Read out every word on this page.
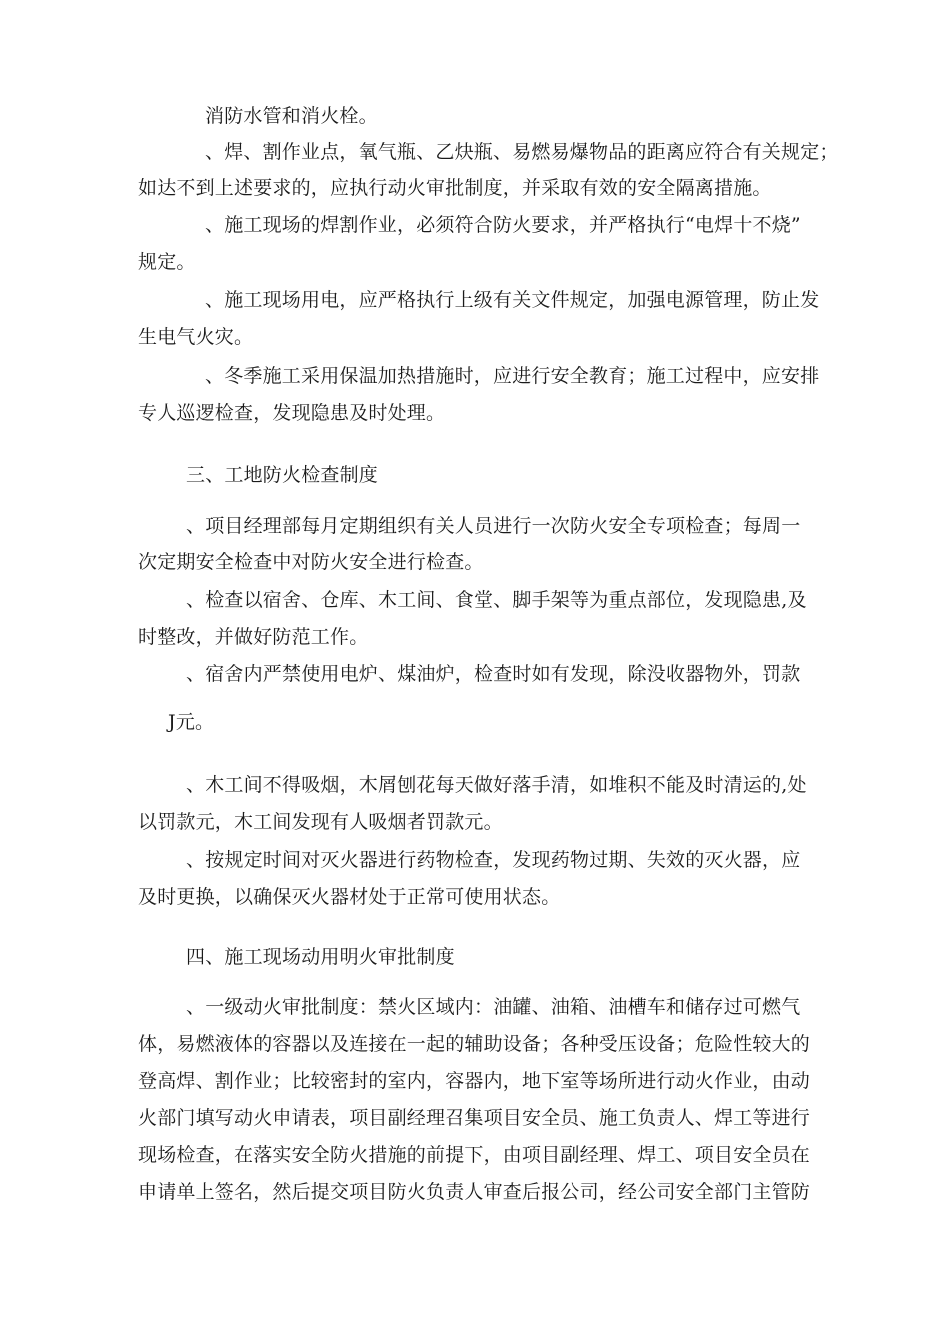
消防水管和消火栓。
、焊、割作业点，氧气瓶、乙炔瓶、易燃易爆物品的距离应符合有关规定；
如达不到上述要求的，应执行动火审批制度，并采取有效的安全隔离措施。
、施工现场的焊割作业，必须符合防火要求，并严格执行“电焊十不烧”
规定。
、施工现场用电，应严格执行上级有关文件规定，加强电源管理，防止发
生电气火灾。
、冬季施工采用保温加热措施时，应进行安全教育；施工过程中，应安排
专人巡逻检查，发现隐患及时处理。
三、工地防火检查制度
、项目经理部每月定期组织有关人员进行一次防火安全专项检查；每周一
次定期安全检查中对防火安全进行检查。
、检查以宿舍、仓库、木工间、食堂、脚手架等为重点部位，发现隐患,及
时整改，并做好防范工作。
、宿舍内严禁使用电炉、煤油炉，检查时如有发现，除没收器物外，罚款
J元。
、木工间不得吸烟，木屑刨花每天做好落手清，如堆积不能及时清运的,处
以罚款元，木工间发现有人吸烟者罚款元。
、按规定时间对灭火器进行药物检查，发现药物过期、失效的灭火器，应
及时更换，以确保灭火器材处于正常可使用状态。
四、施工现场动用明火审批制度
、一级动火审批制度：禁火区域内：油罐、油箱、油槽车和储存过可燃气
体，易燃液体的容器以及连接在一起的辅助设备；各种受压设备；危险性较大的
登高焊、割作业；比较密封的室内，容器内，地下室等场所进行动火作业，由动
火部门填写动火申请表，项目副经理召集项目安全员、施工负责人、焊工等进行
现场检查，在落实安全防火措施的前提下，由项目副经理、焊工、项目安全员在
申请单上签名，然后提交项目防火负责人审查后报公司，经公司安全部门主管防
